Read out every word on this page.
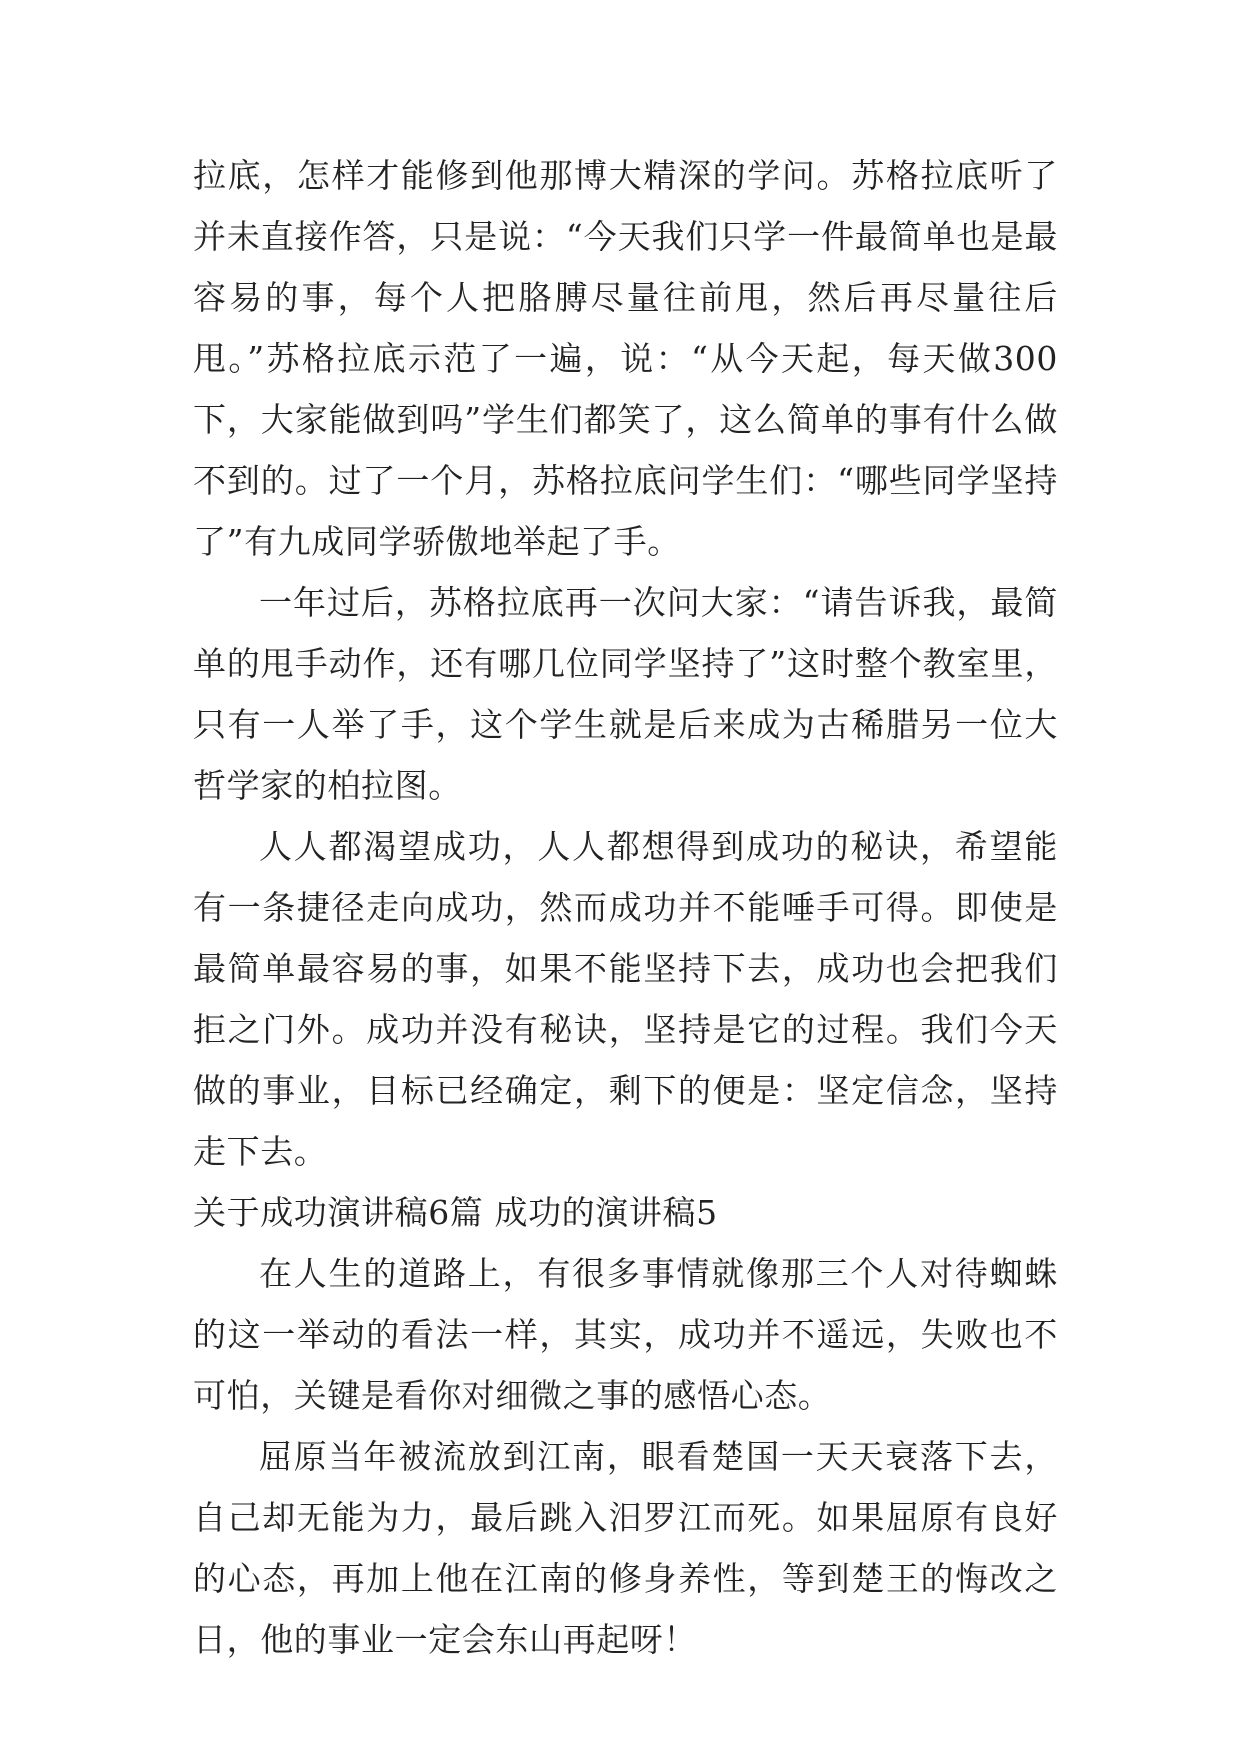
拉底，怎样才能修到他那博大精深的学问。苏格拉底听了并未直接作答，只是说：“今天我们只学一件最简单也是最容易的事，每个人把胳膊尽量往前甩，然后再尽量往后甩。”苏格拉底示范了一遍，说：“从今天起，每天做300下，大家能做到吗”学生们都笑了，这么简单的事有什么做不到的。过了一个月，苏格拉底问学生们：“哪些同学坚持了”有九成同学骄傲地举起了手。

一年过后，苏格拉底再一次问大家：“请告诉我，最简单的甩手动作，还有哪几位同学坚持了”这时整个教室里，只有一人举了手，这个学生就是后来成为古稀腊另一位大哲学家的柏拉图。

人人都渴望成功，人人都想得到成功的秘诀，希望能有一条捷径走向成功，然而成功并不能唾手可得。即使是最简单最容易的事，如果不能坚持下去，成功也会把我们拒之门外。成功并没有秘诀，坚持是它的过程。我们今天做的事业，目标已经确定，剩下的便是：坚定信念，坚持走下去。

关于成功演讲稿6篇 成功的演讲稿5

在人生的道路上，有很多事情就像那三个人对待蜘蛛的这一举动的看法一样，其实，成功并不遥远，失败也不可怕，关键是看你对细微之事的感悟心态。

屈原当年被流放到江南，眼看楚国一天天衰落下去，自己却无能为力，最后跳入汨罗江而死。如果屈原有良好的心态，再加上他在江南的修身养性，等到楚王的悔改之日，他的事业一定会东山再起呀！
